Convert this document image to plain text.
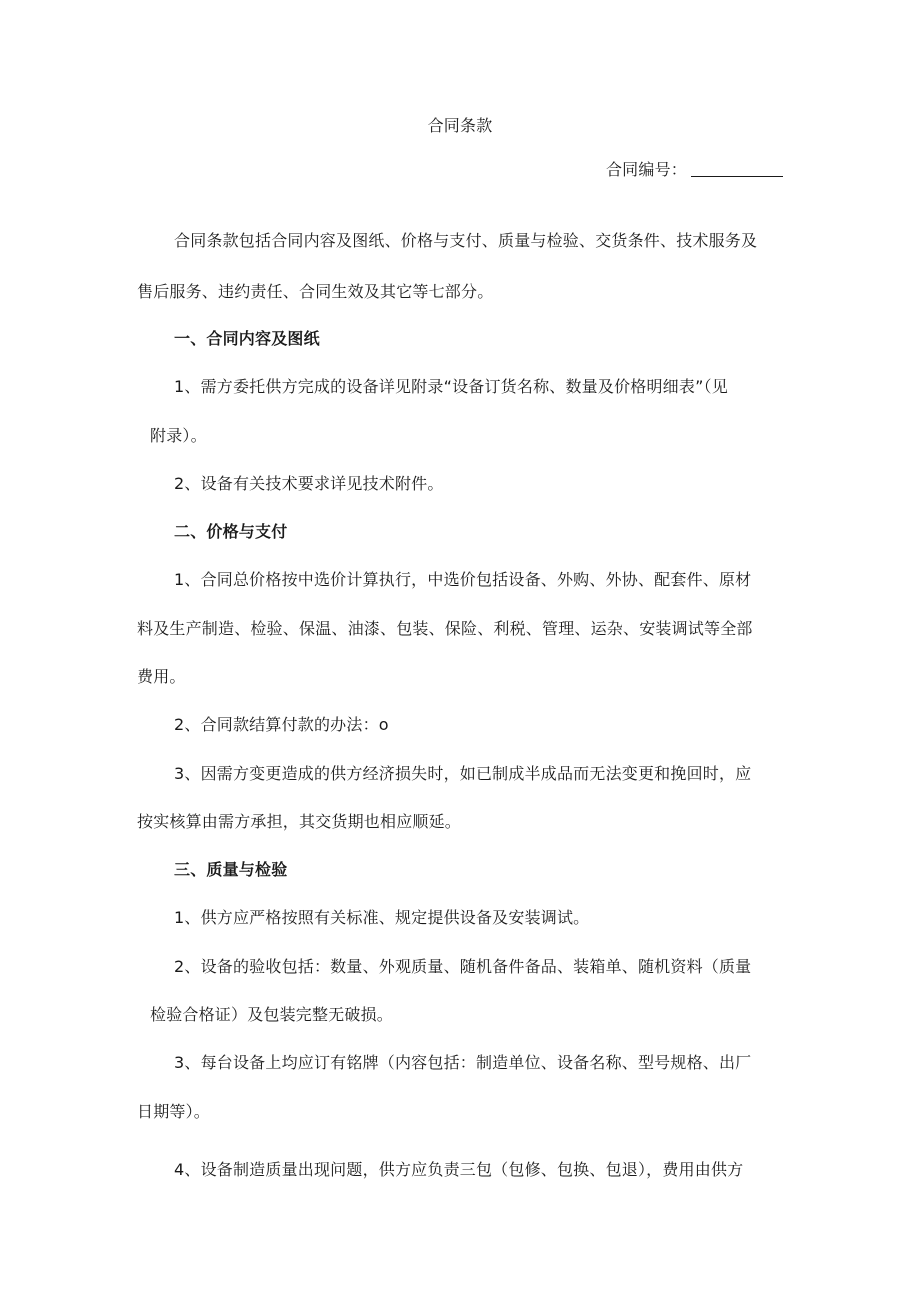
合同条款
合同编号：
合同条款包括合同内容及图纸、价格与支付、质量与检验、交货条件、技术服务及
售后服务、违约责任、合同生效及其它等七部分。
一、合同内容及图纸
1、需方委托供方完成的设备详见附录“设备订货名称、数量及价格明细表”（见
附录）。
2、设备有关技术要求详见技术附件。
二、价格与支付
1、合同总价格按中选价计算执行，中选价包括设备、外购、外协、配套件、原材
料及生产制造、检验、保温、油漆、包装、保险、利税、管理、运杂、安装调试等全部
费用。
2、合同款结算付款的办法：o
3、因需方变更造成的供方经济损失时，如已制成半成品而无法变更和挽回时，应
按实核算由需方承担，其交货期也相应顺延。
三、质量与检验
1、供方应严格按照有关标准、规定提供设备及安装调试。
2、设备的验收包括：数量、外观质量、随机备件备品、装箱单、随机资料（质量
检验合格证）及包装完整无破损。
3、每台设备上均应订有铭牌（内容包括：制造单位、设备名称、型号规格、出厂
日期等）。
4、设备制造质量出现问题，供方应负责三包（包修、包换、包退），费用由供方
